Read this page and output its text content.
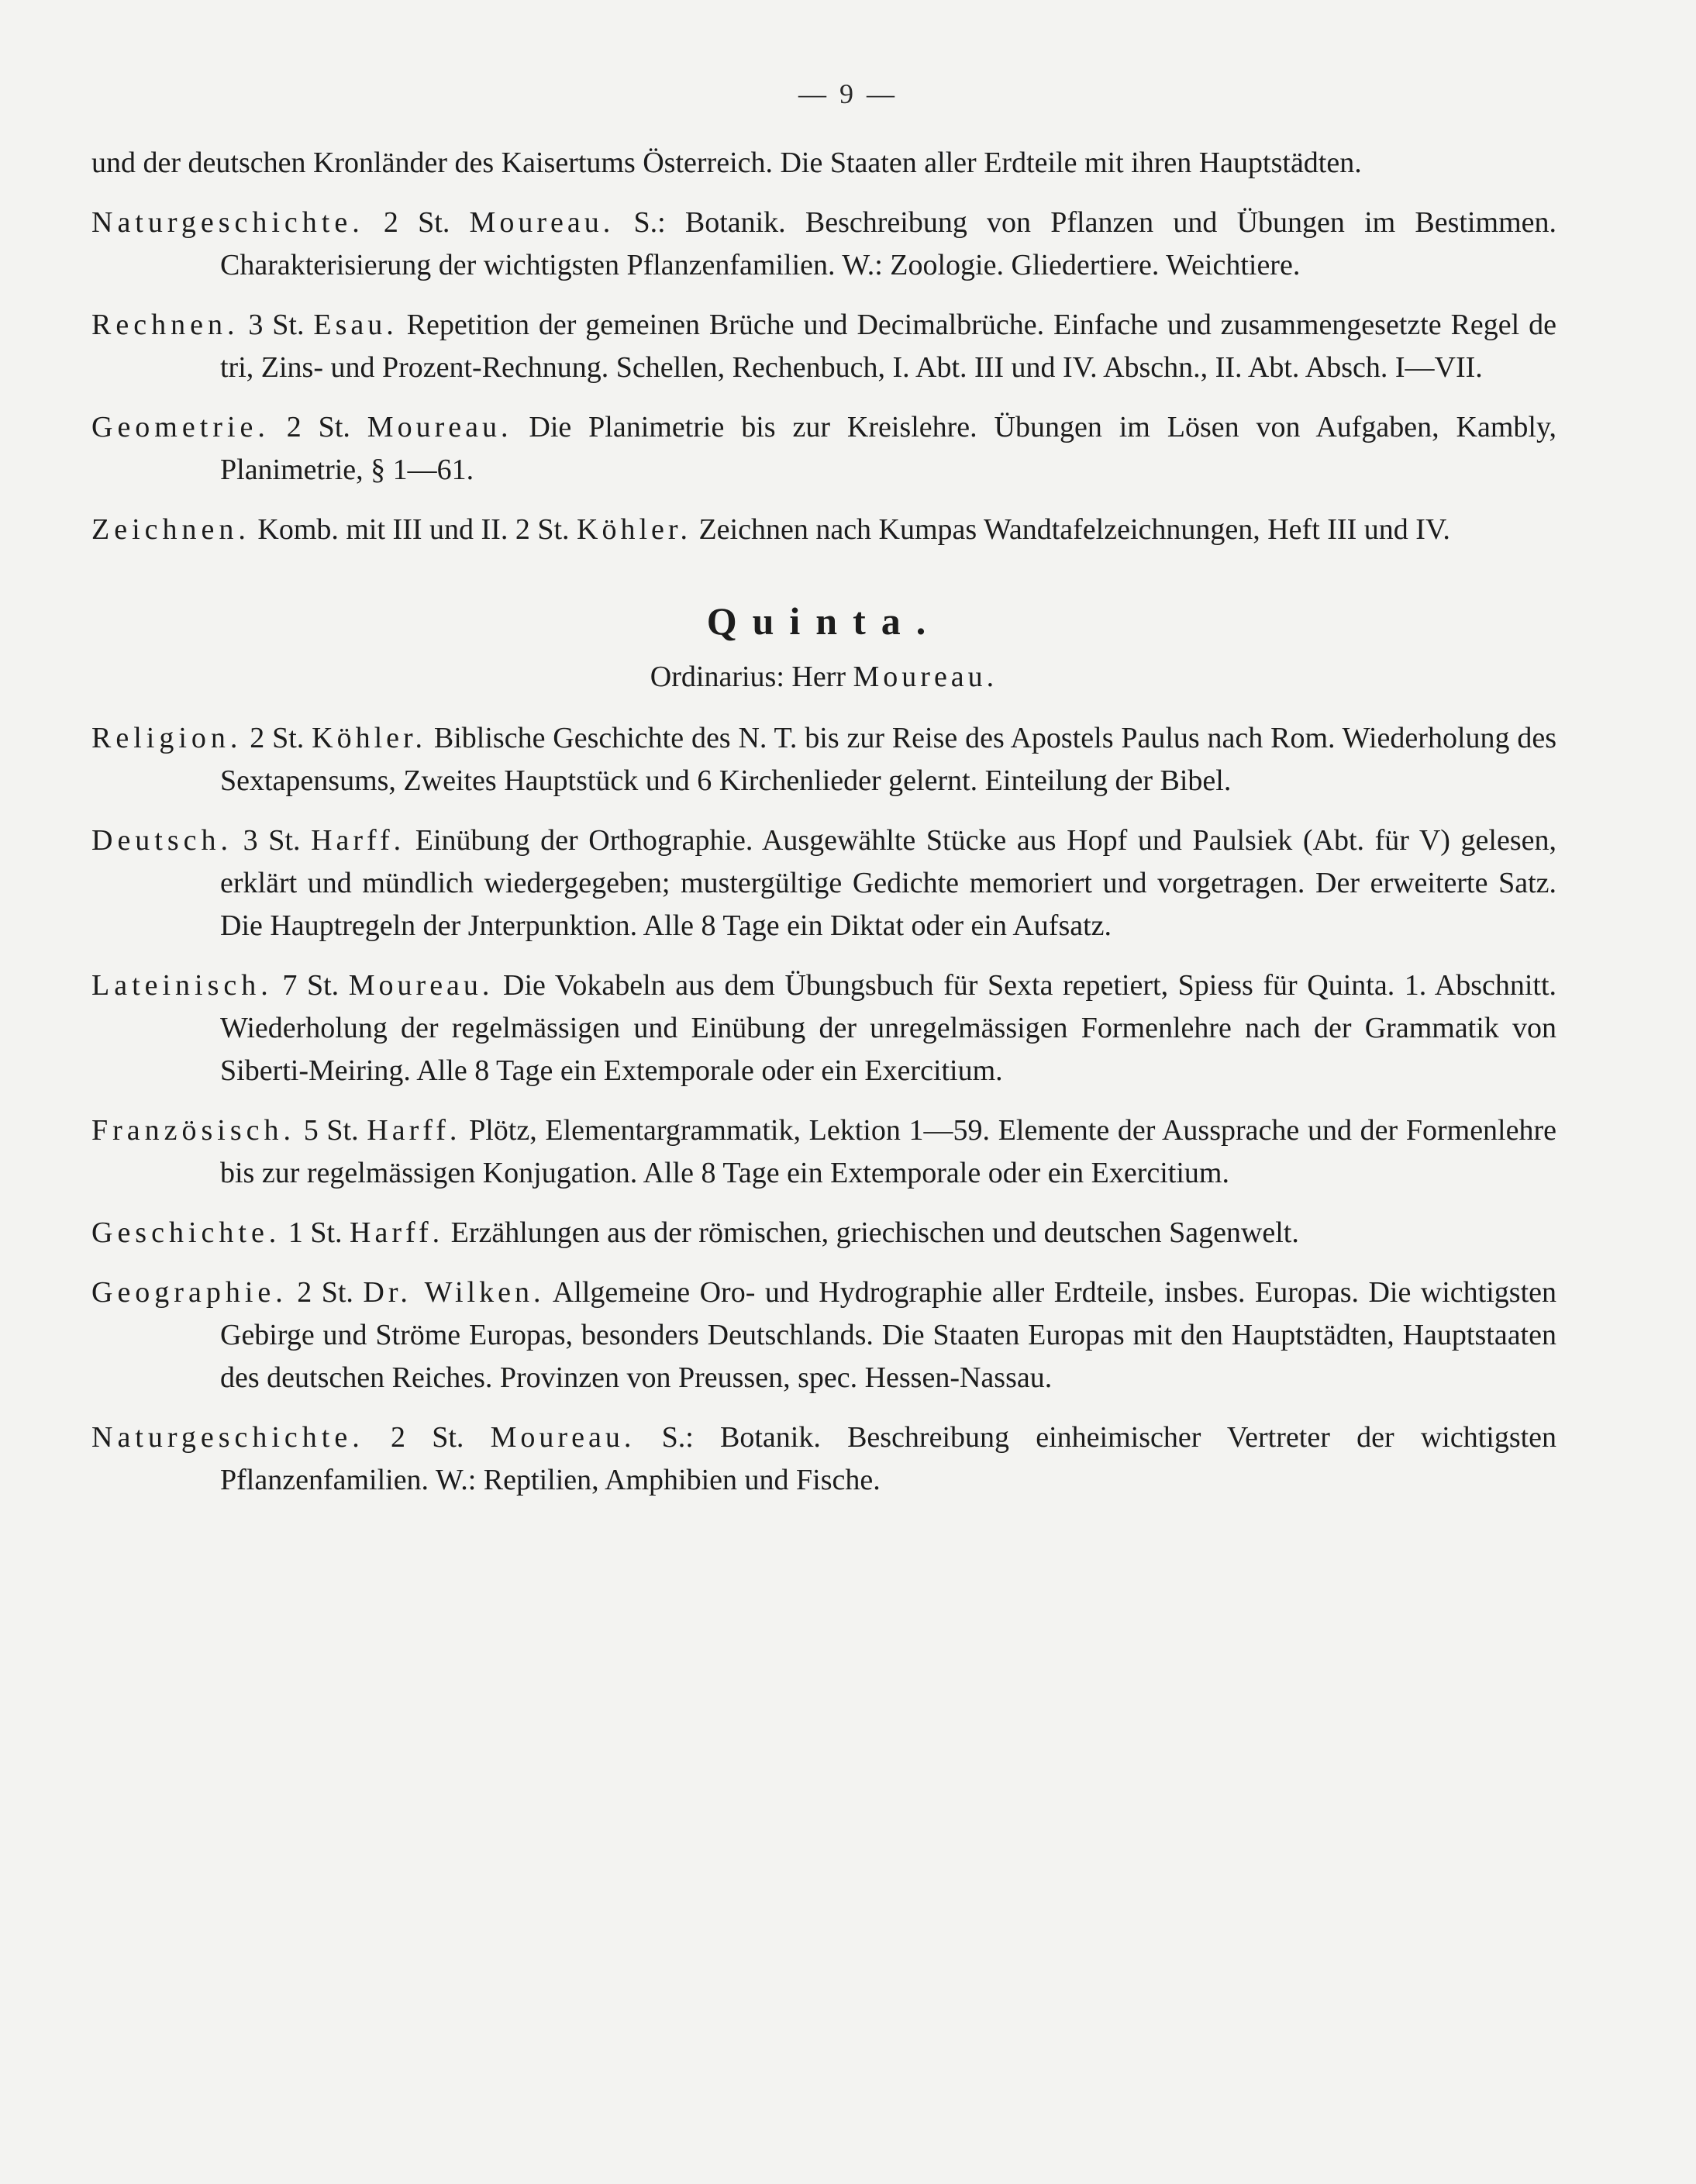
— 9 —

und der deutschen Kronländer des Kaisertums Österreich. Die Staaten aller Erdteile mit ihren Hauptstädten.

Naturgeschichte. 2 St. Moureau. S.: Botanik. Beschreibung von Pflanzen und Übungen im Bestimmen. Charakterisierung der wichtigsten Pflanzenfamilien. W.: Zoologie. Gliedertiere. Weichtiere.

Rechnen. 3 St. Esau. Repetition der gemeinen Brüche und Decimalbrüche. Einfache und zusammengesetzte Regel de tri, Zins- und Prozent-Rechnung. Schellen, Rechenbuch, I. Abt. III und IV. Abschn., II. Abt. Absch. I—VII.

Geometrie. 2 St. Moureau. Die Planimetrie bis zur Kreislehre. Übungen im Lösen von Aufgaben, Kambly, Planimetrie, § 1—61.

Zeichnen. Komb. mit III und II. 2 St. Köhler. Zeichnen nach Kumpas Wandtafelzeichnungen, Heft III und IV.

Quinta.
Ordinarius: Herr Moureau.

Religion. 2 St. Köhler. Biblische Geschichte des N. T. bis zur Reise des Apostels Paulus nach Rom. Wiederholung des Sextapensums, Zweites Hauptstück und 6 Kirchenlieder gelernt. Einteilung der Bibel.

Deutsch. 3 St. Harff. Einübung der Orthographie. Ausgewählte Stücke aus Hopf und Paulsiek (Abt. für V) gelesen, erklärt und mündlich wiedergegeben; mustergültige Gedichte memoriert und vorgetragen. Der erweiterte Satz. Die Hauptregeln der Jnterpunktion. Alle 8 Tage ein Diktat oder ein Aufsatz.

Lateinisch. 7 St. Moureau. Die Vokabeln aus dem Übungsbuch für Sexta repetiert, Spiess für Quinta. 1. Abschnitt. Wiederholung der regelmässigen und Einübung der unregelmässigen Formenlehre nach der Grammatik von Siberti-Meiring. Alle 8 Tage ein Extemporale oder ein Exercitium.

Französisch. 5 St. Harff. Plötz, Elementargrammatik, Lektion 1—59. Elemente der Aussprache und der Formenlehre bis zur regelmässigen Konjugation. Alle 8 Tage ein Extemporale oder ein Exercitium.

Geschichte. 1 St. Harff. Erzählungen aus der römischen, griechischen und deutschen Sagenwelt.

Geographie. 2 St. Dr. Wilken. Allgemeine Oro- und Hydrographie aller Erdteile, insbes. Europas. Die wichtigsten Gebirge und Ströme Europas, besonders Deutschlands. Die Staaten Europas mit den Hauptstädten, Hauptstaaten des deutschen Reiches. Provinzen von Preussen, spec. Hessen-Nassau.

Naturgeschichte. 2 St. Moureau. S.: Botanik. Beschreibung einheimischer Vertreter der wichtigsten Pflanzenfamilien. W.: Reptilien, Amphibien und Fische.
